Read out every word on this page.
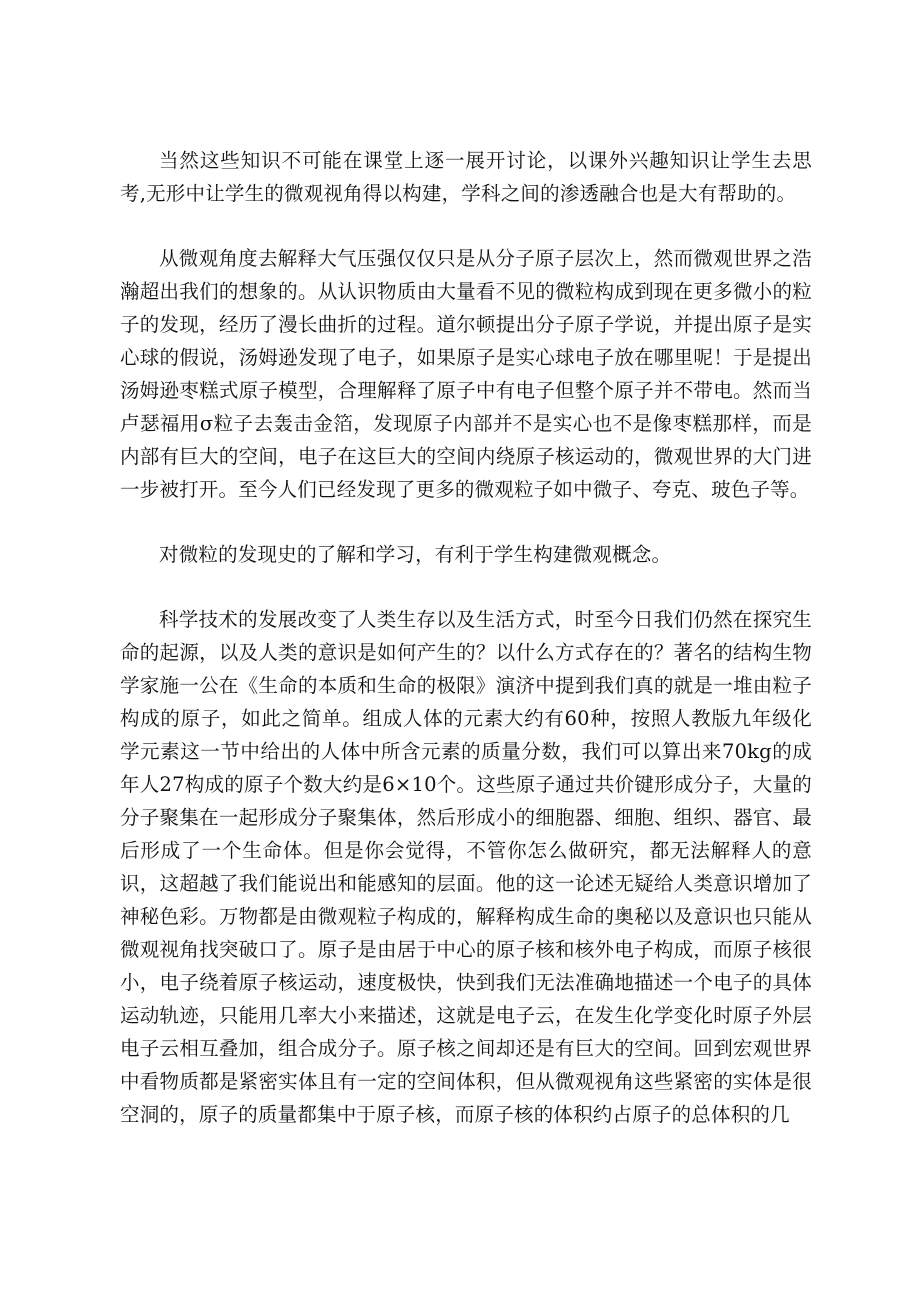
当然这些知识不可能在课堂上逐一展开讨论，以课外兴趣知识让学生去思考,无形中让学生的微观视角得以构建，学科之间的渗透融合也是大有帮助的。

从微观角度去解释大气压强仅仅只是从分子原子层次上，然而微观世界之浩瀚超出我们的想象的。从认识物质由大量看不见的微粒构成到现在更多微小的粒子的发现，经历了漫长曲折的过程。道尔顿提出分子原子学说，并提出原子是实心球的假说，汤姆逊发现了电子，如果原子是实心球电子放在哪里呢！于是提出汤姆逊枣糕式原子模型，合理解释了原子中有电子但整个原子并不带电。然而当卢瑟福用σ粒子去轰击金箔，发现原子内部并不是实心也不是像枣糕那样，而是内部有巨大的空间，电子在这巨大的空间内绕原子核运动的，微观世界的大门进一步被打开。至今人们已经发现了更多的微观粒子如中微子、夸克、玻色子等。

对微粒的发现史的了解和学习，有利于学生构建微观概念。

科学技术的发展改变了人类生存以及生活方式，时至今日我们仍然在探究生命的起源，以及人类的意识是如何产生的？以什么方式存在的？著名的结构生物学家施一公在《生命的本质和生命的极限》演济中提到我们真的就是一堆由粒子构成的原子，如此之简单。组成人体的元素大约有60种，按照人教版九年级化学元素这一节中给出的人体中所含元素的质量分数，我们可以算出来70kg的成年人27构成的原子个数大约是6×10个。这些原子通过共价键形成分子，大量的分子聚集在一起形成分子聚集体，然后形成小的细胞器、细胞、组织、器官、最后形成了一个生命体。但是你会觉得，不管你怎么做研究，都无法解释人的意识，这超越了我们能说出和能感知的层面。他的这一论述无疑给人类意识增加了神秘色彩。万物都是由微观粒子构成的，解释构成生命的奥秘以及意识也只能从微观视角找突破口了。原子是由居于中心的原子核和核外电子构成，而原子核很小，电子绕着原子核运动，速度极快，快到我们无法准确地描述一个电子的具体运动轨迹，只能用几率大小来描述，这就是电子云，在发生化学变化时原子外层电子云相互叠加，组合成分子。原子核之间却还是有巨大的空间。回到宏观世界中看物质都是紧密实体且有一定的空间体积，但从微观视角这些紧密的实体是很空洞的，原子的质量都集中于原子核，而原子核的体积约占原子的总体积的几
